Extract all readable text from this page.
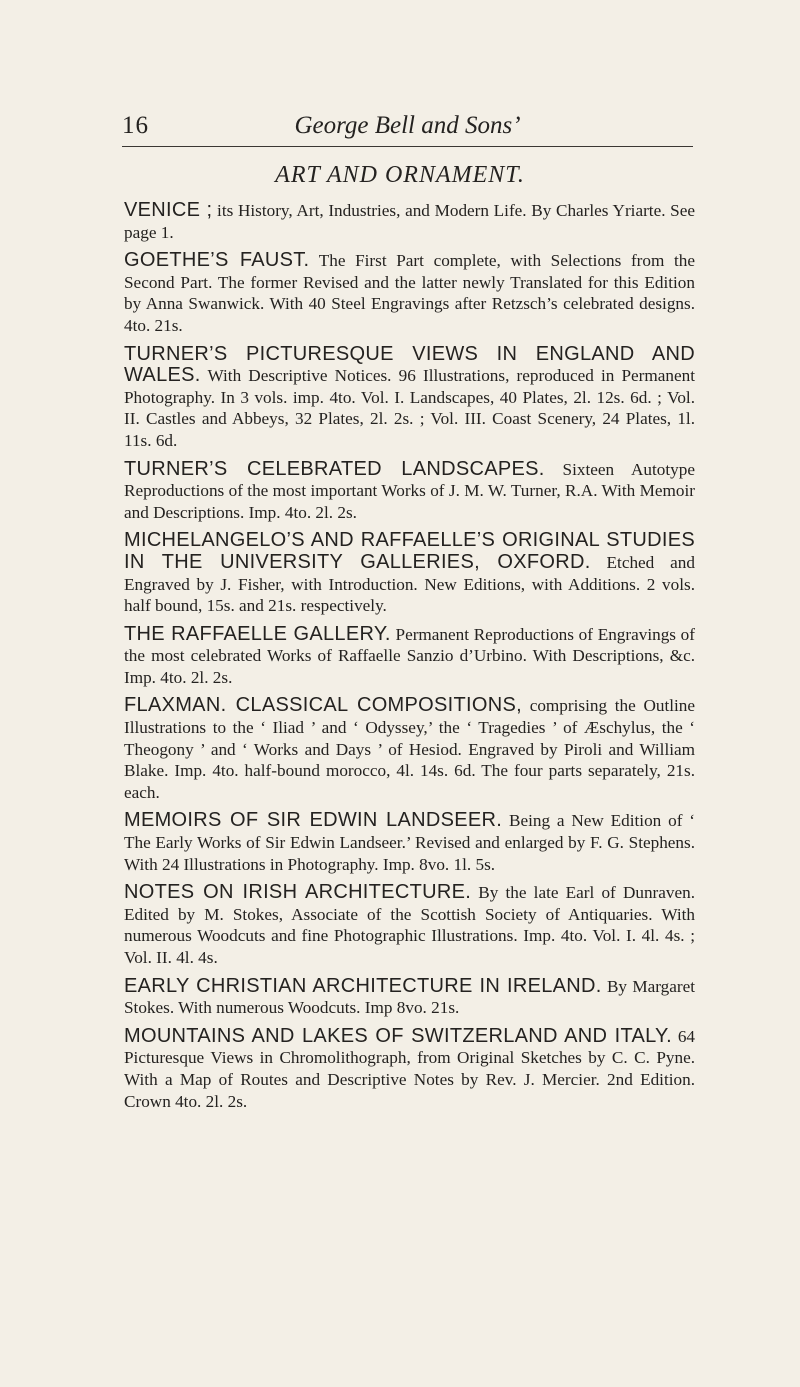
16	George Bell and Sons’
ART AND ORNAMENT.

VENICE ; its History, Art, Industries, and Modern Life. By Charles Yriarte. See page 1.

GOETHE’S FAUST. The First Part complete, with Selections from the Second Part. The former Revised and the latter newly Translated for this Edition by Anna Swanwick. With 40 Steel Engravings after Retzsch’s celebrated designs. 4to. 21s.

TURNER’S PICTURESQUE VIEWS IN ENGLAND AND WALES. With Descriptive Notices. 96 Illustrations, reproduced in Permanent Photography. In 3 vols. imp. 4to. Vol. I. Landscapes, 40 Plates, 2l. 12s. 6d. ; Vol. II. Castles and Abbeys, 32 Plates, 2l. 2s. ; Vol. III. Coast Scenery, 24 Plates, 1l. 11s. 6d.

TURNER’S CELEBRATED LANDSCAPES. Sixteen Autotype Reproductions of the most important Works of J. M. W. Turner, R.A. With Memoir and Descriptions. Imp. 4to. 2l. 2s.

MICHELANGELO’S AND RAFFAELLE’S ORIGINAL STUDIES IN THE UNIVERSITY GALLERIES, OXFORD. Etched and Engraved by J. Fisher, with Introduction. New Editions, with Additions. 2 vols. half bound, 15s. and 21s. respectively.

THE RAFFAELLE GALLERY. Permanent Reproductions of Engravings of the most celebrated Works of Raffaelle Sanzio d’Urbino. With Descriptions, &c. Imp. 4to. 2l. 2s.

FLAXMAN. CLASSICAL COMPOSITIONS, comprising the Outline Illustrations to the ‘ Iliad ’ and ‘ Odyssey,’ the ‘ Tragedies ’ of Æschylus, the ‘ Theogony ’ and ‘ Works and Days ’ of Hesiod. Engraved by Piroli and William Blake. Imp. 4to. half-bound morocco, 4l. 14s. 6d. The four parts separately, 21s. each.

MEMOIRS OF SIR EDWIN LANDSEER. Being a New Edition of ‘ The Early Works of Sir Edwin Landseer.’ Revised and enlarged by F. G. Stephens. With 24 Illustrations in Photography. Imp. 8vo. 1l. 5s.

NOTES ON IRISH ARCHITECTURE. By the late Earl of Dunraven. Edited by M. Stokes, Associate of the Scottish Society of Antiquaries. With numerous Woodcuts and fine Photographic Illustrations. Imp. 4to. Vol. I. 4l. 4s. ; Vol. II. 4l. 4s.

EARLY CHRISTIAN ARCHITECTURE IN IRELAND. By Margaret Stokes. With numerous Woodcuts. Imp 8vo. 21s.

MOUNTAINS AND LAKES OF SWITZERLAND AND ITALY. 64 Picturesque Views in Chromolithograph, from Original Sketches by C. C. Pyne. With a Map of Routes and Descriptive Notes by Rev. J. Mercier. 2nd Edition. Crown 4to. 2l. 2s.
